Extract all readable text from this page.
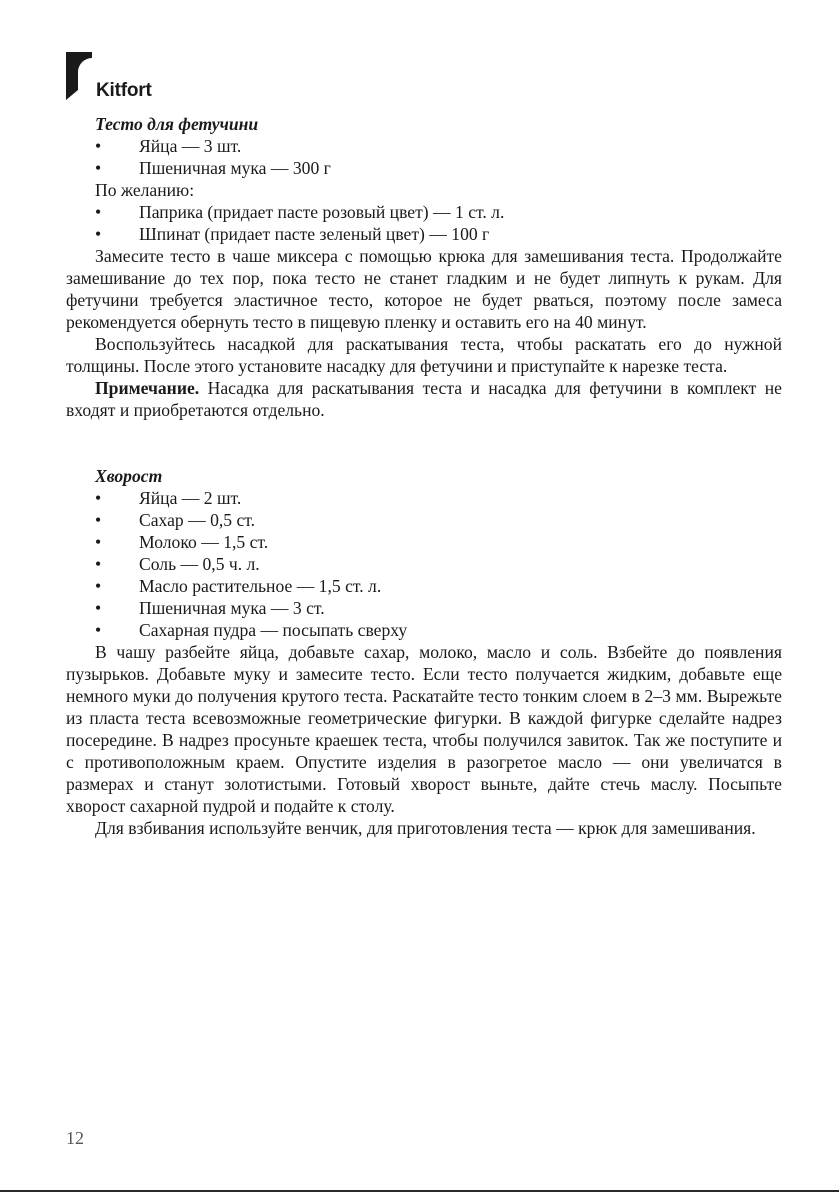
Kitfort
Тесто для фетучини
• Яйца — 3 шт.
• Пшеничная мука — 300 г
По желанию:
• Паприка (придает пасте розовый цвет) — 1 ст. л.
• Шпинат (придает пасте зеленый цвет) — 100 г

Замесите тесто в чаше миксера с помощью крюка для замешивания теста. Продолжайте замешивание до тех пор, пока тесто не станет гладким и не будет липнуть к рукам. Для фетучини требуется эластичное тесто, которое не будет рваться, поэтому после замеса рекомендуется обернуть тесто в пищевую пленку и оставить его на 40 минут.

Воспользуйтесь насадкой для раскатывания теста, чтобы раскатать его до нужной толщины. После этого установите насадку для фетучини и приступайте к нарезке теста.

Примечание. Насадка для раскатывания теста и насадка для фетучини в комплект не входят и приобретаются отдельно.

Хворост
• Яйца — 2 шт.
• Сахар — 0,5 ст.
• Молоко — 1,5 ст.
• Соль — 0,5 ч. л.
• Масло растительное — 1,5 ст. л.
• Пшеничная мука — 3 ст.
• Сахарная пудра — посыпать сверху

В чашу разбейте яйца, добавьте сахар, молоко, масло и соль. Взбейте до появления пузырьков. Добавьте муку и замесите тесто. Если тесто получается жидким, добавьте еще немного муки до получения крутого теста. Раскатайте тесто тонким слоем в 2–3 мм. Вырежьте из пласта теста всевозможные геометрические фигурки. В каждой фигурке сделайте надрез посередине. В надрез просуньте краешек теста, чтобы получился завиток. Так же поступите и с противоположным краем. Опустите изделия в разогретое масло — они увеличатся в размерах и станут золотистыми. Готовый хворост выньте, дайте стечь маслу. Посыпьте хворост сахарной пудрой и подайте к столу.

Для взбивания используйте венчик, для приготовления теста — крюк для замешивания.

12
